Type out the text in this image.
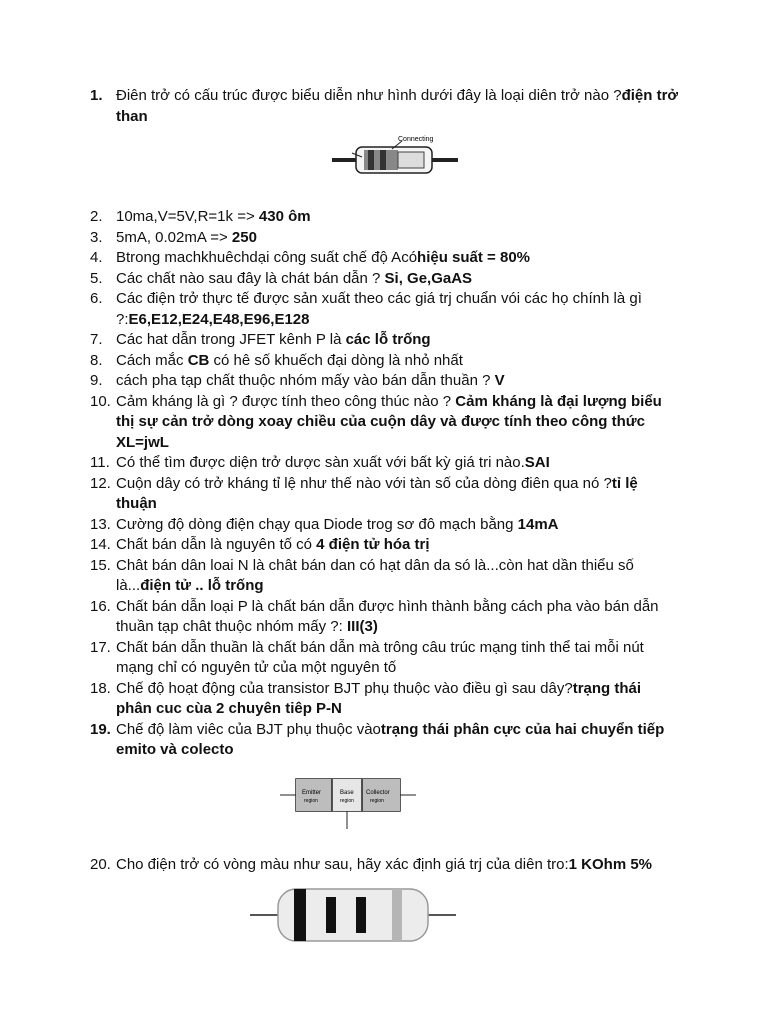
1. Điên trở có cấu trúc được biểu diễn như hình dưới đây là loại diên trở nào ?điện trở than
Connecting
2. 10ma,V=5V,R=1k => 430 ôm
3. 5mA, 0.02mA => 250
4. Btrong machkhuêchdại công suất chế độ Acóhiệu suất = 80%
5. Các chất nào sau đây là chát bán dẫn ? Si, Ge,GaAS
6. Các điện trở thực tế được sản xuất theo các giá trj chuẩn vói các họ chính là gì ?:E6,E12,E24,E48,E96,E128
7. Các hat dẫn trong JFET kênh P là các lỗ trống
8. Cách mắc CB có hê số khuếch đại dòng là nhỏ nhất
9. cách pha tạp chất thuộc nhóm mấy vào bán dẫn thuần ? V
10. Cảm kháng là gì ? được tính theo công thúc nào ? Cảm kháng là đại lượng biểu thị sự cản trở dòng xoay chiều của cuộn dây và được tính theo công thức XL=jwL
11. Có thể tìm được diện trở dược sàn xuất với bất kỳ giá tri nào.SAI
12. Cuộn dây có trở kháng tỉ lệ như thế nào với tàn số của dòng điên qua nó ?tỉ lệ thuận
13. Cường độ dòng điện chạy qua Diode trog sơ đô mạch bằng 14mA
14. Chất bán dẫn là nguyên tố có 4 điện tử hóa trị
15. Chât bán dân loai N là chât bán dan có hạt dân da só là...còn hat dần thiểu số là...điện tử .. lỗ trống
16. Chất bán dẫn loại P là chất bán dẫn được hình thành bằng cách pha vào bán dẫn thuần tạp chât thuộc nhóm mấy ?: III(3)
17. Chất bán dẫn thuần là chất bán dẫn mà trông câu trúc mạng tinh thể tai mỗi nút mạng chỉ có nguyên tử của một nguyên tố
18. Chế độ hoạt động của transistor BJT phụ thuộc vào điều gì sau dây?trạng thái phân cuc cùa 2 chuyên tiêp P-N
19. Chế độ làm viêc của BJT phụ thuộc vàotrạng thái phân cực của hai chuyển tiếp emito và colecto
Emitter	Base Collector
region	region	region
20. Cho điện trở có vòng màu như sau, hãy xác định giá trj của diên tro:1 KOhm 5%
